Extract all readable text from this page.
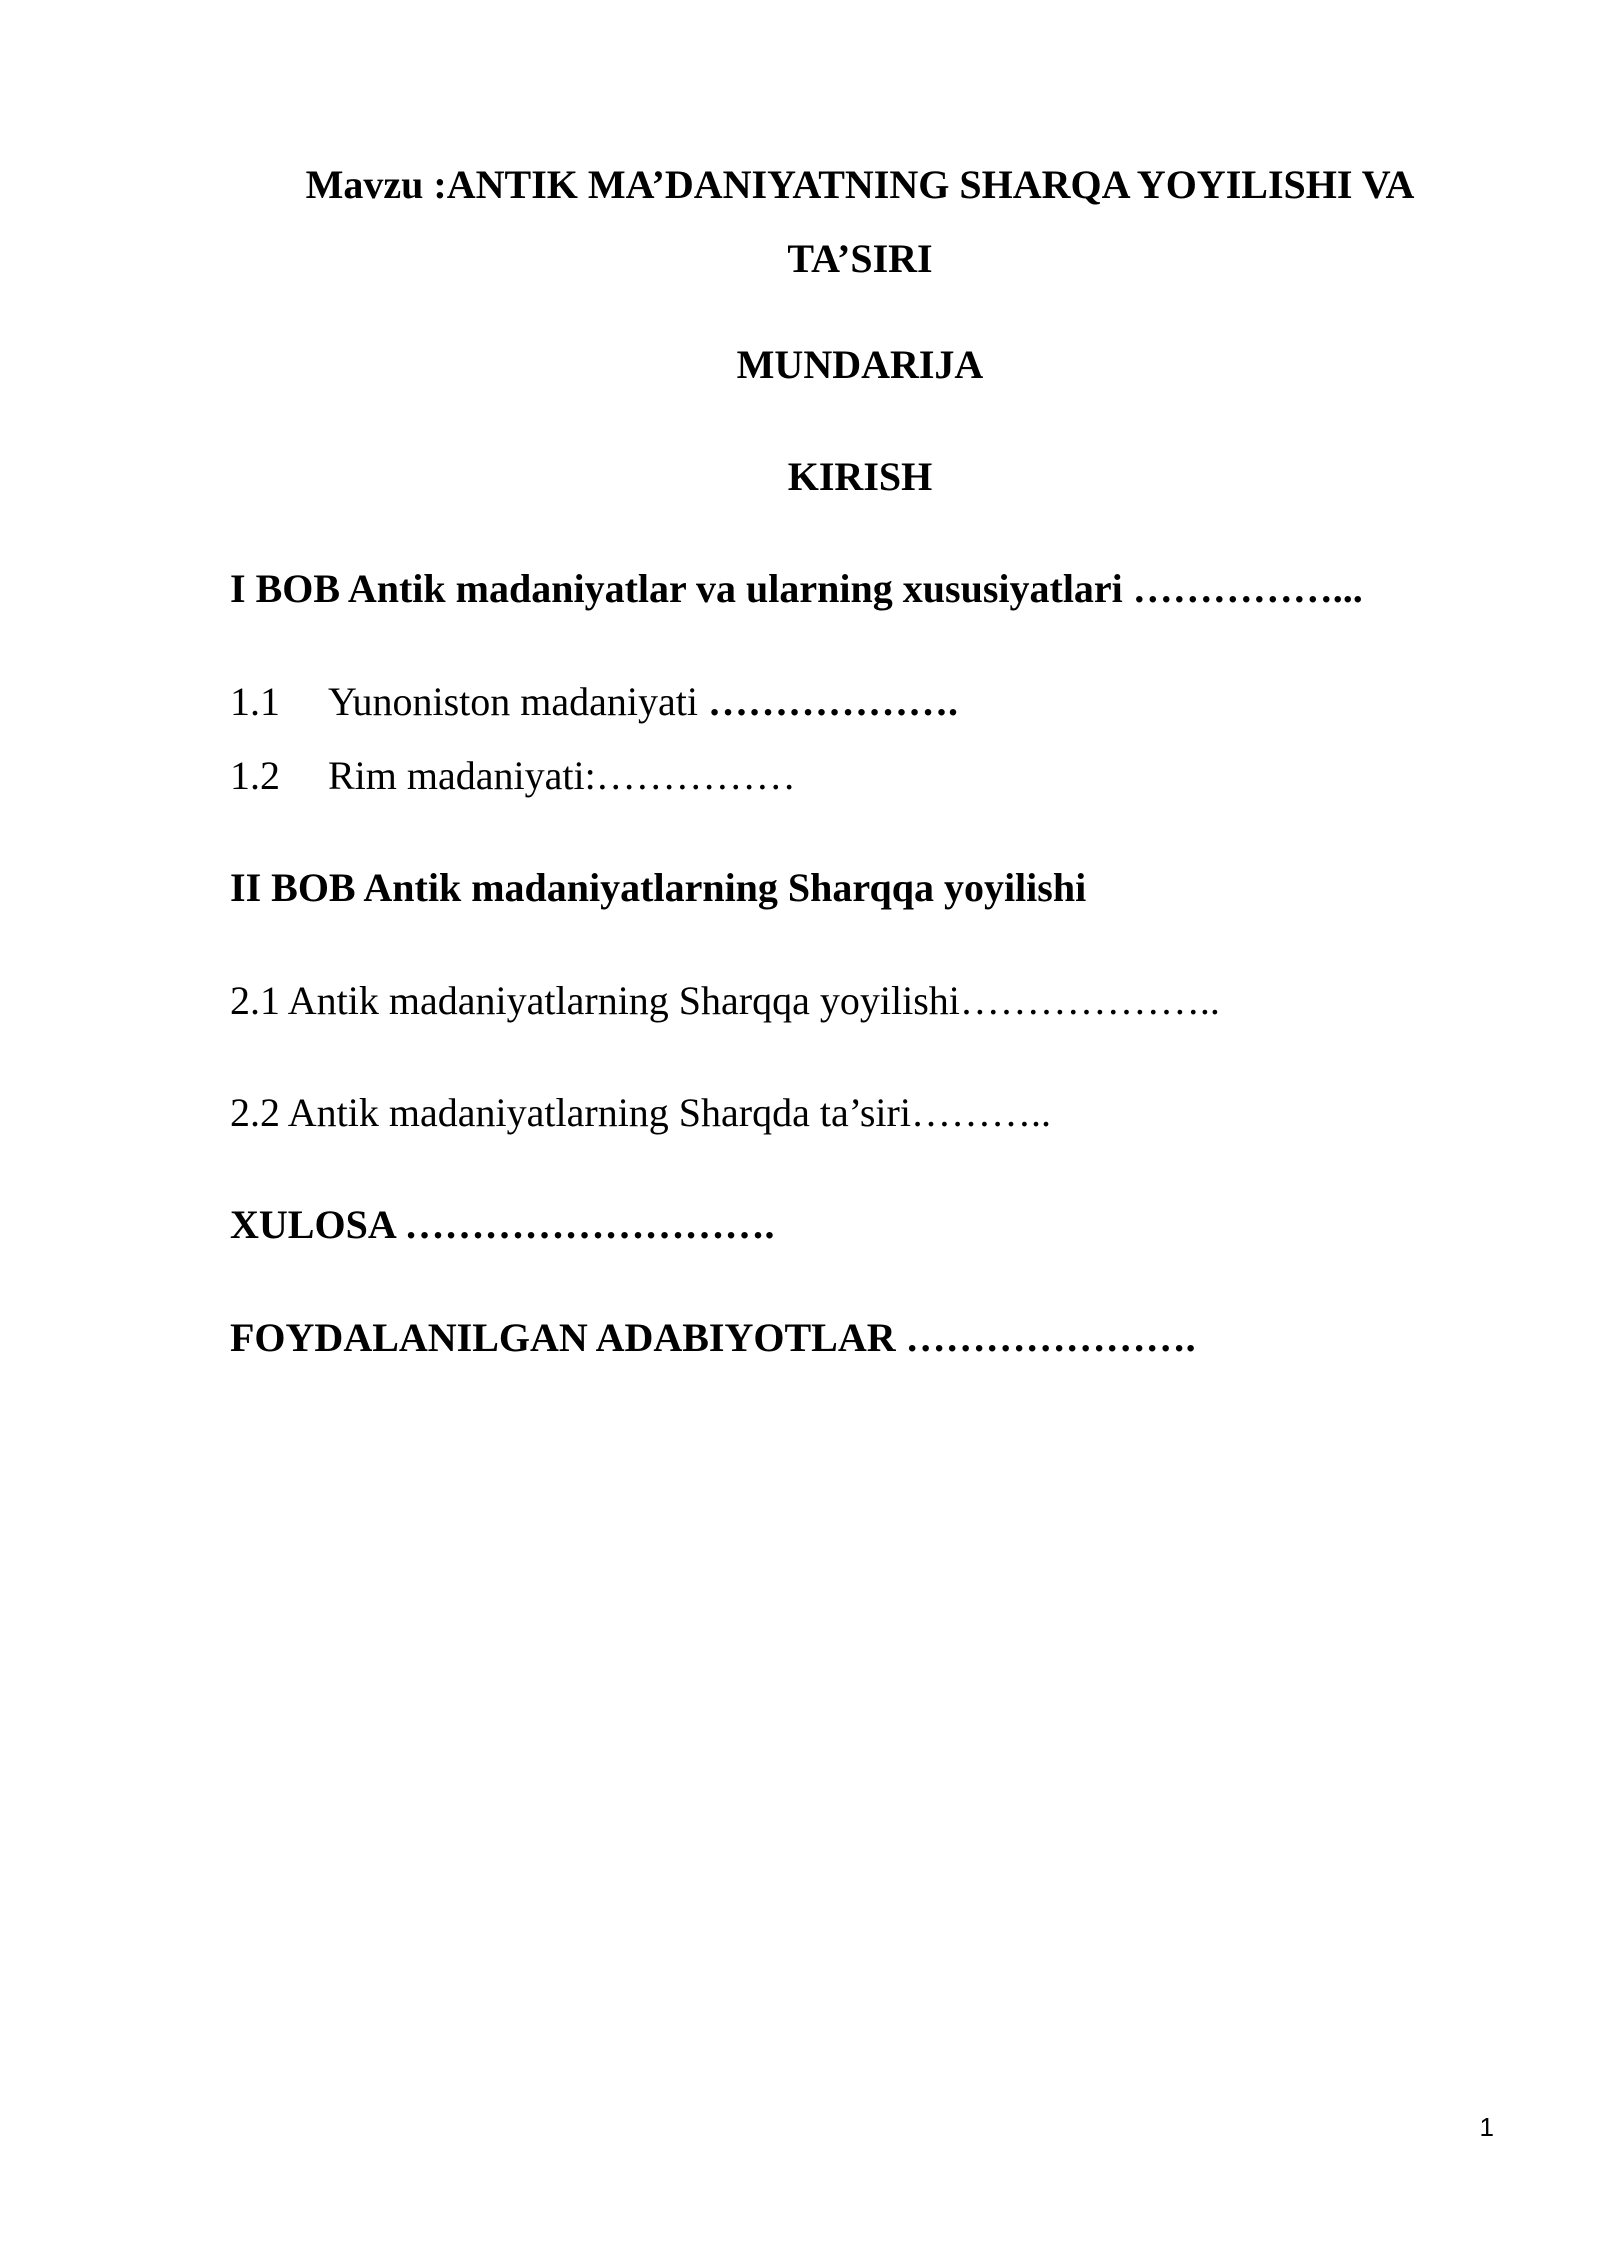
Mavzu :ANTIK MA’DANIYATNING SHARQA YOYILISHI VA
TA’SIRI
MUNDARIJA
KIRISH
I BOB Antik madaniyatlar va ularning xususiyatlari ……………...
1.1 Yunoniston madaniyati ……………….
1.2 Rim madaniyati:……………
II BOB Antik madaniyatlarning Sharqqa yoyilishi
2.1 Antik madaniyatlarning Sharqqa yoyilishi………………..
2.2 Antik madaniyatlarning Sharqda ta’siri………..
XULOSA ……………………….
FOYDALANILGAN ADABIYOTLAR ………………….
1
